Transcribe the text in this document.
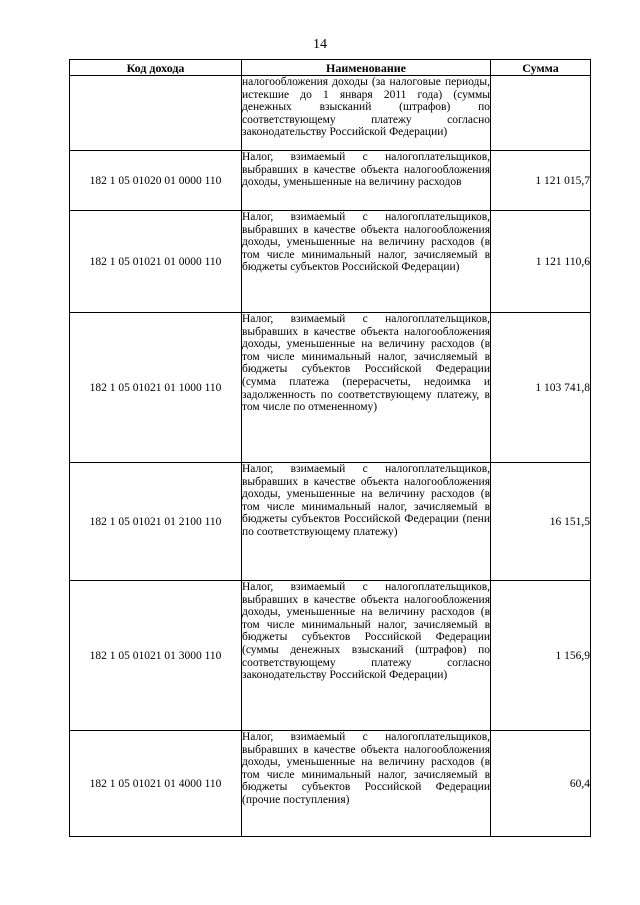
14
Код дохода	Наименование	Сумма
	налогообложения доходы (за налоговые периоды, истекшие до 1 января 2011 года) (суммы денежных взысканий (штрафов) по соответствующему платежу согласно законодательству Российской Федерации)	
182 1 05 01020 01 0000 110	Налог, взимаемый с налогоплательщиков, выбравших в качестве объекта налогообложения доходы, уменьшенные на величину расходов	1 121 015,7
182 1 05 01021 01 0000 110	Налог, взимаемый с налогоплательщиков, выбравших в качестве объекта налогообложения доходы, уменьшенные на величину расходов (в том числе минимальный налог, зачисляемый в бюджеты субъектов Российской Федерации)	1 121 110,6
182 1 05 01021 01 1000 110	Налог, взимаемый с налогоплательщиков, выбравших в качестве объекта налогообложения доходы, уменьшенные на величину расходов (в том числе минимальный налог, зачисляемый в бюджеты субъектов Российской Федерации (сумма платежа (перерасчеты, недоимка и задолженность по соответствующему платежу, в том числе по отмененному)	1 103 741,8
182 1 05 01021 01 2100 110	Налог, взимаемый с налогоплательщиков, выбравших в качестве объекта налогообложения доходы, уменьшенные на величину расходов (в том числе минимальный налог, зачисляемый в бюджеты субъектов Российской Федерации (пени по соответствующему платежу)	16 151,5
182 1 05 01021 01 3000 110	Налог, взимаемый с налогоплательщиков, выбравших в качестве объекта налогообложения доходы, уменьшенные на величину расходов (в том числе минимальный налог, зачисляемый в бюджеты субъектов Российской Федерации (суммы денежных взысканий (штрафов) по соответствующему платежу согласно законодательству Российской Федерации)	1 156,9
182 1 05 01021 01 4000 110	Налог, взимаемый с налогоплательщиков, выбравших в качестве объекта налогообложения доходы, уменьшенные на величину расходов (в том числе минимальный налог, зачисляемый в бюджеты субъектов Российской Федерации (прочие поступления)	60,4
